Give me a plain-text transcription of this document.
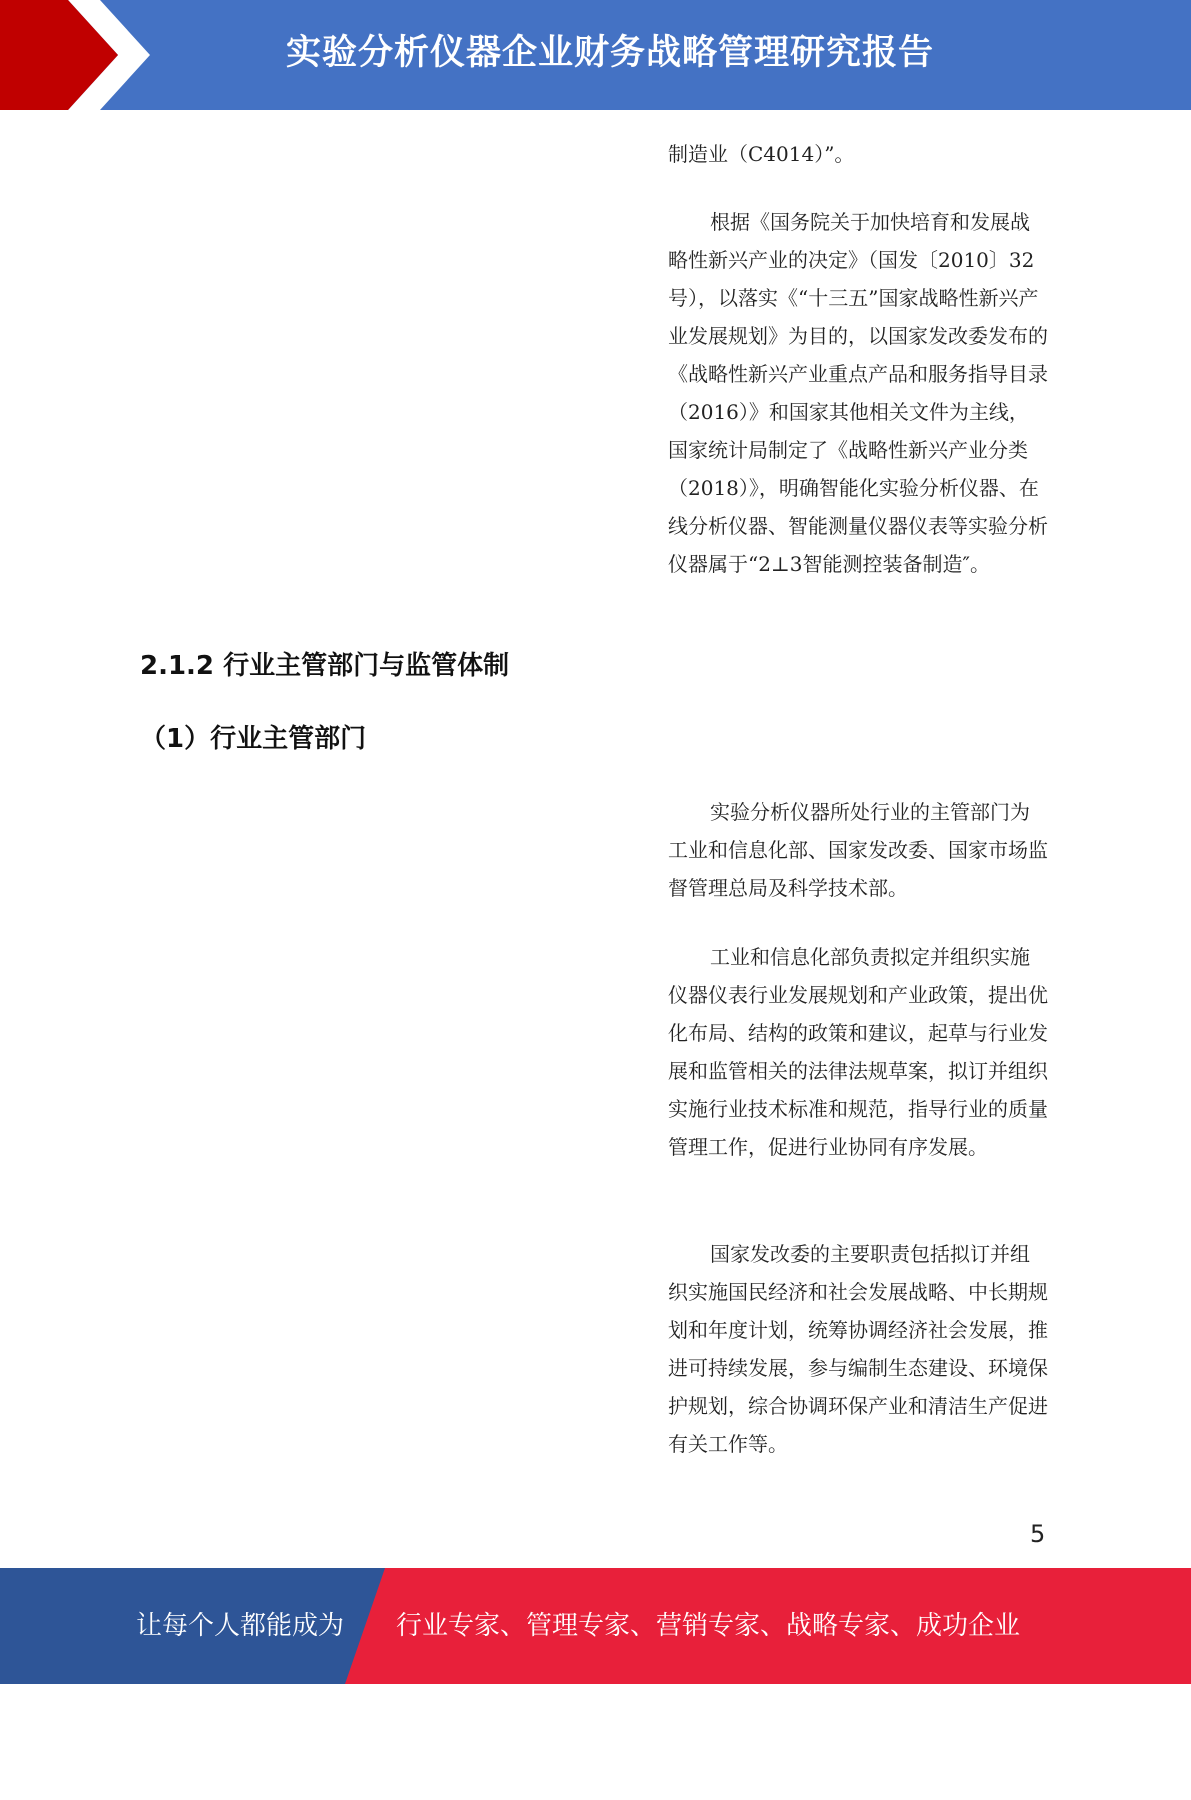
实验分析仪器企业财务战略管理研究报告

制造业（C4014）”。

根据《国务院关于加快培育和发展战略性新兴产业的决定》（国发〔2010〕32号），以落实《“十三五”国家战略性新兴产业发展规划》为目的，以国家发改委发布的《战略性新兴产业重点产品和服务指导目录（2016）》和国家其他相关文件为主线，国家统计局制定了《战略性新兴产业分类（2018）》，明确智能化实验分析仪器、在线分析仪器、智能测量仪器仪表等实验分析仪器属于“2⊥3智能测控装备制造″。

2.1.2 行业主管部门与监管体制
（1）行业主管部门

实验分析仪器所处行业的主管部门为工业和信息化部、国家发改委、国家市场监督管理总局及科学技术部。

工业和信息化部负责拟定并组织实施仪器仪表行业发展规划和产业政策，提出优化布局、结构的政策和建议，起草与行业发展和监管相关的法律法规草案，拟订并组织实施行业技术标准和规范，指导行业的质量管理工作，促进行业协同有序发展。

国家发改委的主要职责包括拟订并组织实施国民经济和社会发展战略、中长期规划和年度计划，统筹协调经济社会发展，推进可持续发展，参与编制生态建设、环境保护规划，综合协调环保产业和清洁生产促进有关工作等。

5
让每个人都能成为	行业专家、管理专家、营销专家、战略专家、成功企业家……
